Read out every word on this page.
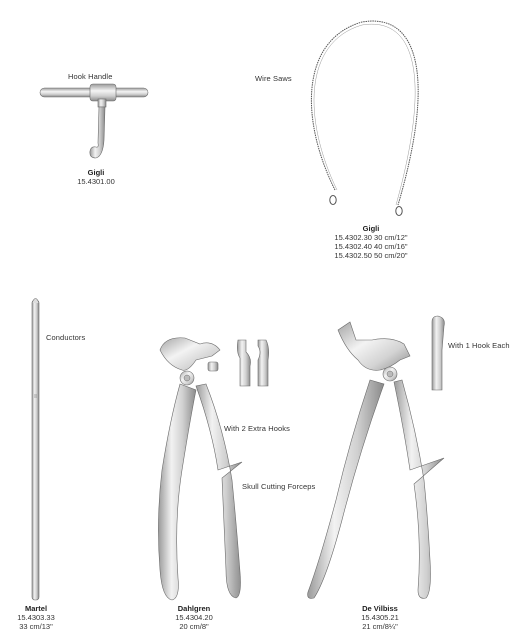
Hook Handle	Wire Saws
Conductors
With 1 Hook Each
With 2 Extra Hooks
Skull Cutting Forceps
Gigli
15.4301.00
Gigli
15.4302.30 30 cm/12"
15.4302.40 40 cm/16"
15.4302.50 50 cm/20"
Martel
15.4303.33
33 cm/13"
Dahlgren
15.4304.20
20 cm/8"
De Vilbiss
15.4305.21
21 cm/8¼"
